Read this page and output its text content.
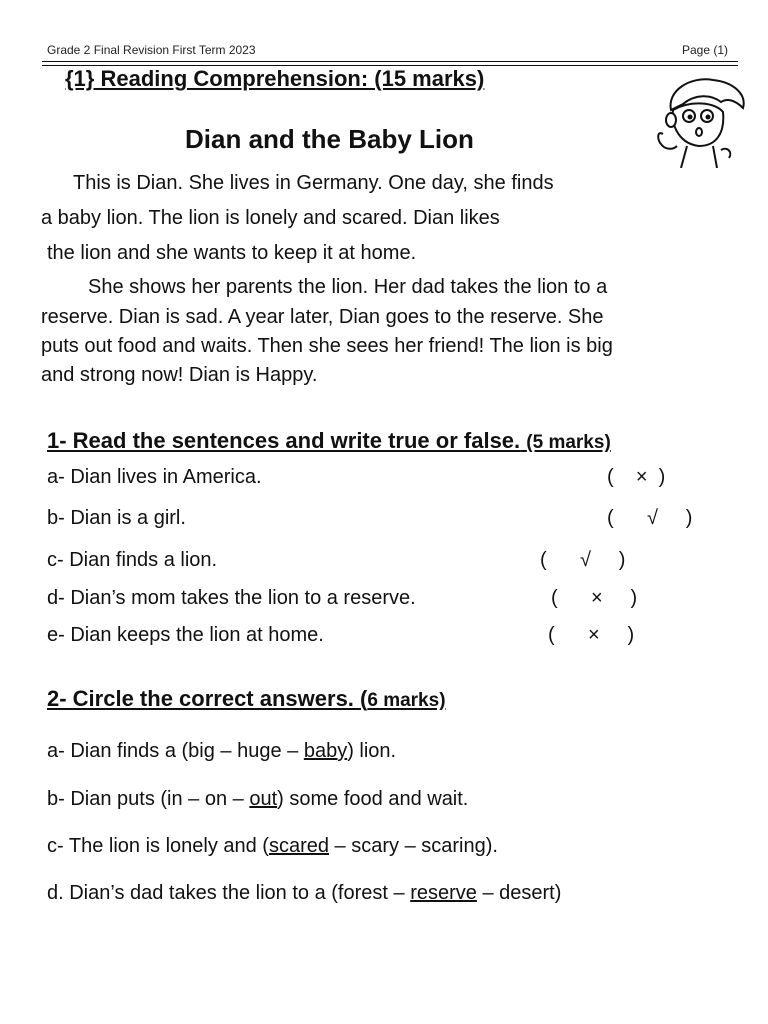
Grade 2 Final Revision First Term 2023	Page (1)
{1} Reading Comprehension: (15 marks)
Dian and the Baby Lion
This is Dian. She lives in Germany. One day, she finds
a baby lion. The lion is lonely and scared. Dian likes
the lion and she wants to keep it at home.
She shows her parents the lion. Her dad takes the lion to a
reserve. Dian is sad. A year later, Dian goes to the reserve. She
puts out food and waits. Then she sees her friend! The lion is big
and strong now! Dian is Happy.
1- Read the sentences and write true or false. (5 marks)
a- Dian lives in America.	(    ×  )
b- Dian is a girl.	(      √     )
c- Dian finds a lion.	(      √     )
d- Dian’s mom takes the lion to a reserve.	(      ×     )
e- Dian keeps the lion at home.	(      ×     )
2- Circle the correct answers. (6 marks)
a- Dian finds a (big – huge – baby) lion.
b- Dian puts (in – on – out) some food and wait.
c- The lion is lonely and (scared – scary – scaring).
d. Dian’s dad takes the lion to a (forest – reserve – desert)
